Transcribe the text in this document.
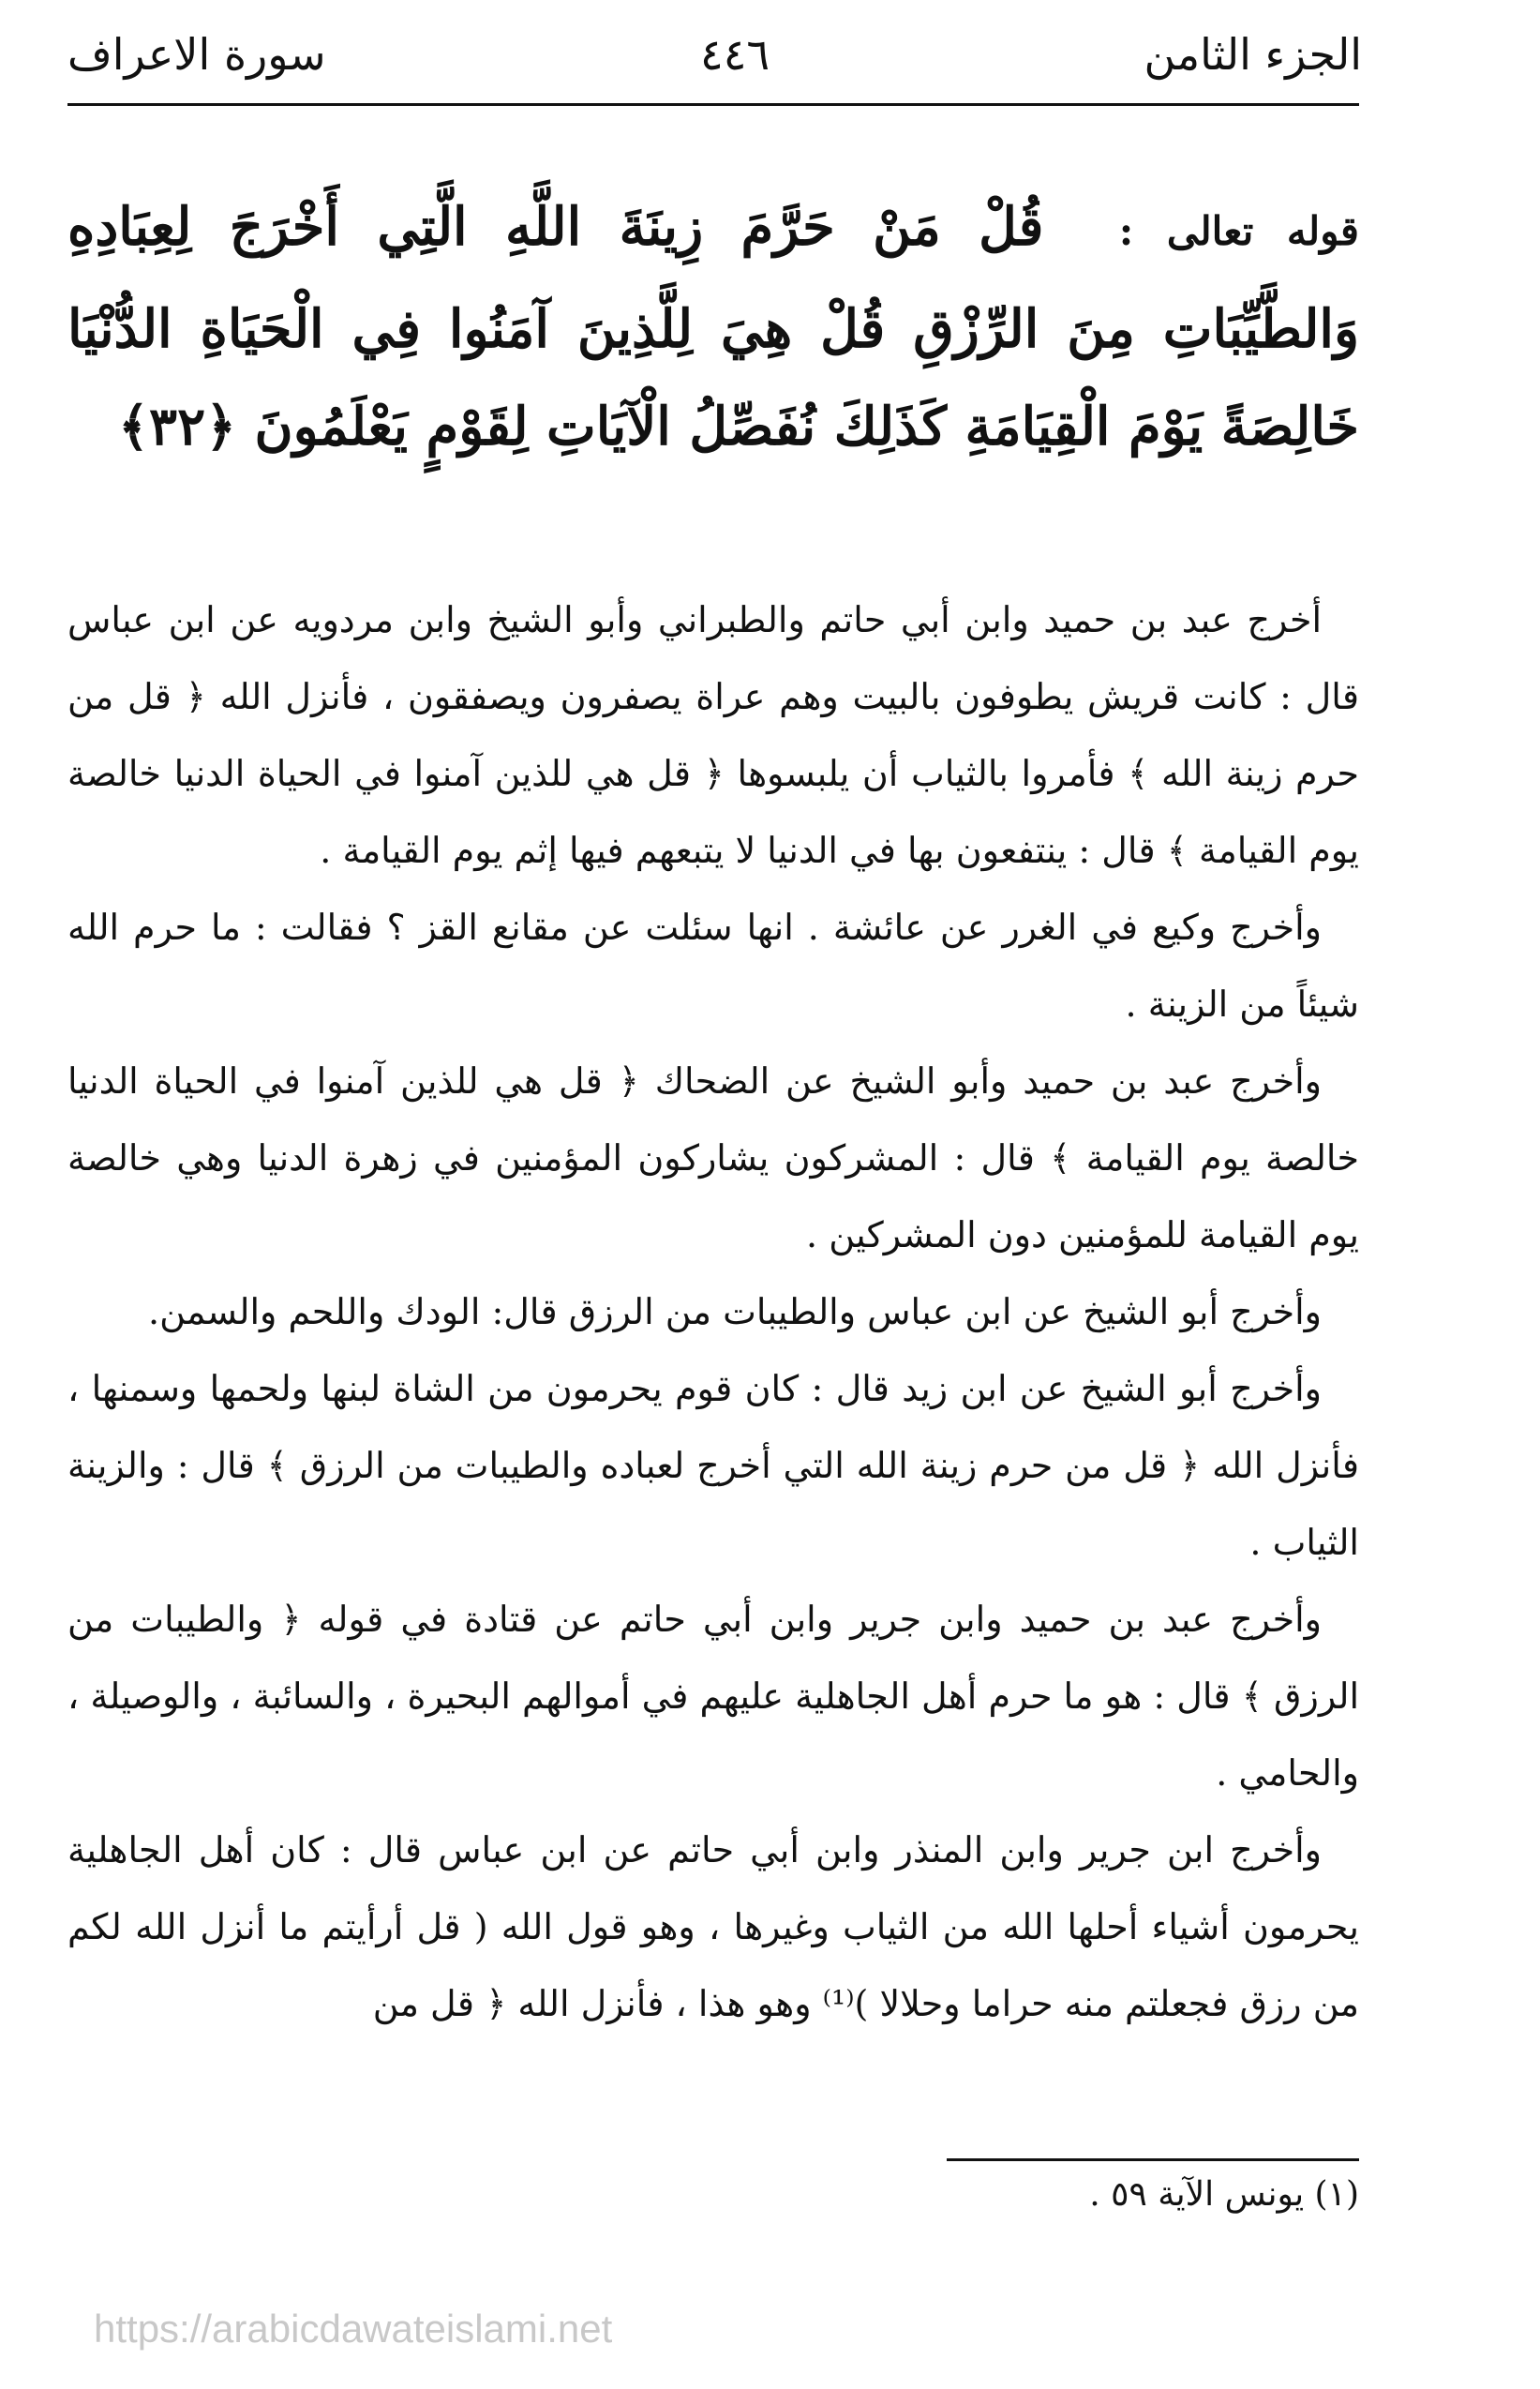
الجزء الثامن
٤٤٦
سورة الاعراف
قوله تعالى : قُلْ مَنْ حَرَّمَ زِينَةَ اللَّهِ الَّتِي أَخْرَجَ لِعِبَادِهِ وَالطَّيِّبَاتِ مِنَ الرِّزْقِ قُلْ هِيَ لِلَّذِينَ آمَنُوا فِي الْحَيَاةِ الدُّنْيَا خَالِصَةً يَوْمَ الْقِيَامَةِ كَذَلِكَ نُفَصِّلُ الْآيَاتِ لِقَوْمٍ يَعْلَمُونَ ﴿٣٢﴾

أخرج عبد بن حميد وابن أبي حاتم والطبراني وأبو الشيخ وابن مردويه عن ابن عباس قال : كانت قريش يطوفون بالبيت وهم عراة يصفرون ويصفقون ، فأنزل الله ﴿ قل من حرم زينة الله ﴾ فأمروا بالثياب أن يلبسوها ﴿ قل هي للذين آمنوا في الحياة الدنيا خالصة يوم القيامة ﴾ قال : ينتفعون بها في الدنيا لا يتبعهم فيها إثم يوم القيامة .

وأخرج وكيع في الغرر عن عائشة . انها سئلت عن مقانع القز ؟ فقالت : ما حرم الله شيئاً من الزينة .

وأخرج عبد بن حميد وأبو الشيخ عن الضحاك ﴿ قل هي للذين آمنوا في الحياة الدنيا خالصة يوم القيامة ﴾ قال : المشركون يشاركون المؤمنين في زهرة الدنيا وهي خالصة يوم القيامة للمؤمنين دون المشركين .

وأخرج أبو الشيخ عن ابن عباس والطيبات من الرزق قال: الودك واللحم والسمن.

وأخرج أبو الشيخ عن ابن زيد قال : كان قوم يحرمون من الشاة لبنها ولحمها وسمنها ، فأنزل الله ﴿ قل من حرم زينة الله التي أخرج لعباده والطيبات من الرزق ﴾ قال : والزينة الثياب .

وأخرج عبد بن حميد وابن جرير وابن أبي حاتم عن قتادة في قوله ﴿ والطيبات من الرزق ﴾ قال : هو ما حرم أهل الجاهلية عليهم في أموالهم البحيرة ، والسائبة ، والوصيلة ، والحامي .

وأخرج ابن جرير وابن المنذر وابن أبي حاتم عن ابن عباس قال : كان أهل الجاهلية يحرمون أشياء أحلها الله من الثياب وغيرها ، وهو قول الله ( قل أرأيتم ما أنزل الله لكم من رزق فجعلتم منه حراما وحلالا )⁽¹⁾ وهو هذا ، فأنزل الله ﴿ قل من

(١) يونس الآية ٥٩ .
https://arabicdawateislami.net
